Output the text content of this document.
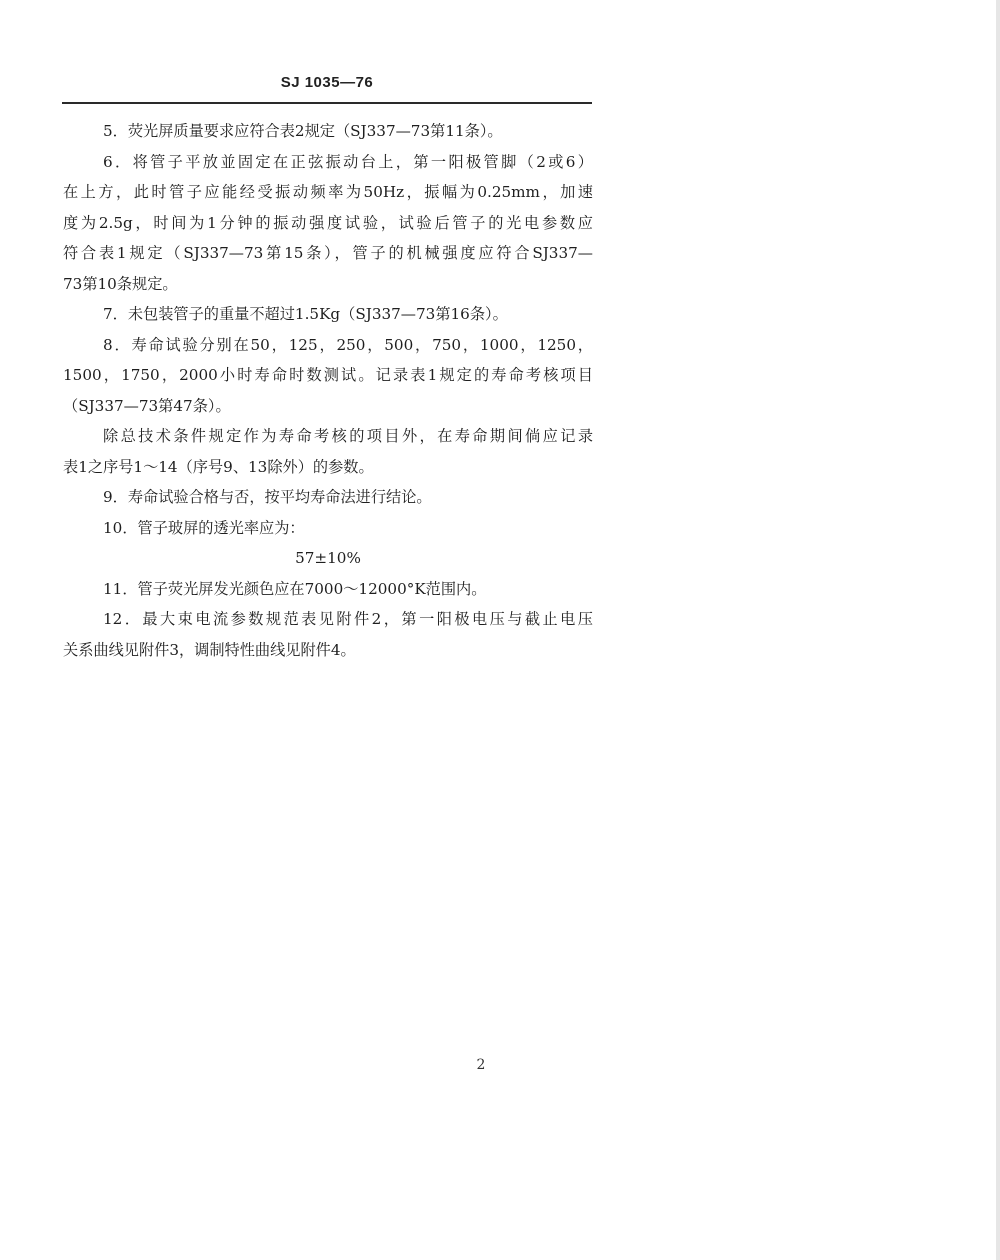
SJ 1035—76
5．荧光屏质量要求应符合表2规定（SJ337—73第11条）。
6．将管子平放並固定在正弦振动台上，第一阳极管脚（2或6）
在上方，此时管子应能经受振动频率为50Hz，振幅为0.25mm，加速
度为2.5g，时间为1分钟的振动强度试验，试验后管子的光电参数应
符合表1规定（SJ337—73第15条），管子的机械强度应符合SJ337—
73第10条规定。
7．未包装管子的重量不超过1.5Kg（SJ337—73第16条）。
8．寿命试验分别在50，125，250，500，750，1000，1250，
1500，1750，2000小时寿命时数测试。记录表1规定的寿命考核项目
（SJ337—73第47条）。
除总技术条件规定作为寿命考核的项目外，在寿命期间倘应记录
表1之序号1～14（序号9、13除外）的参数。
9．寿命试验合格与否，按平均寿命法进行结论。
10．管子玻屏的透光率应为：
57±10%
11．管子荧光屏发光颜色应在7000～12000°K范围内。
12．最大束电流参数规范表见附件2，第一阳极电压与截止电压
关系曲线见附件3，调制特性曲线见附件4。
2
